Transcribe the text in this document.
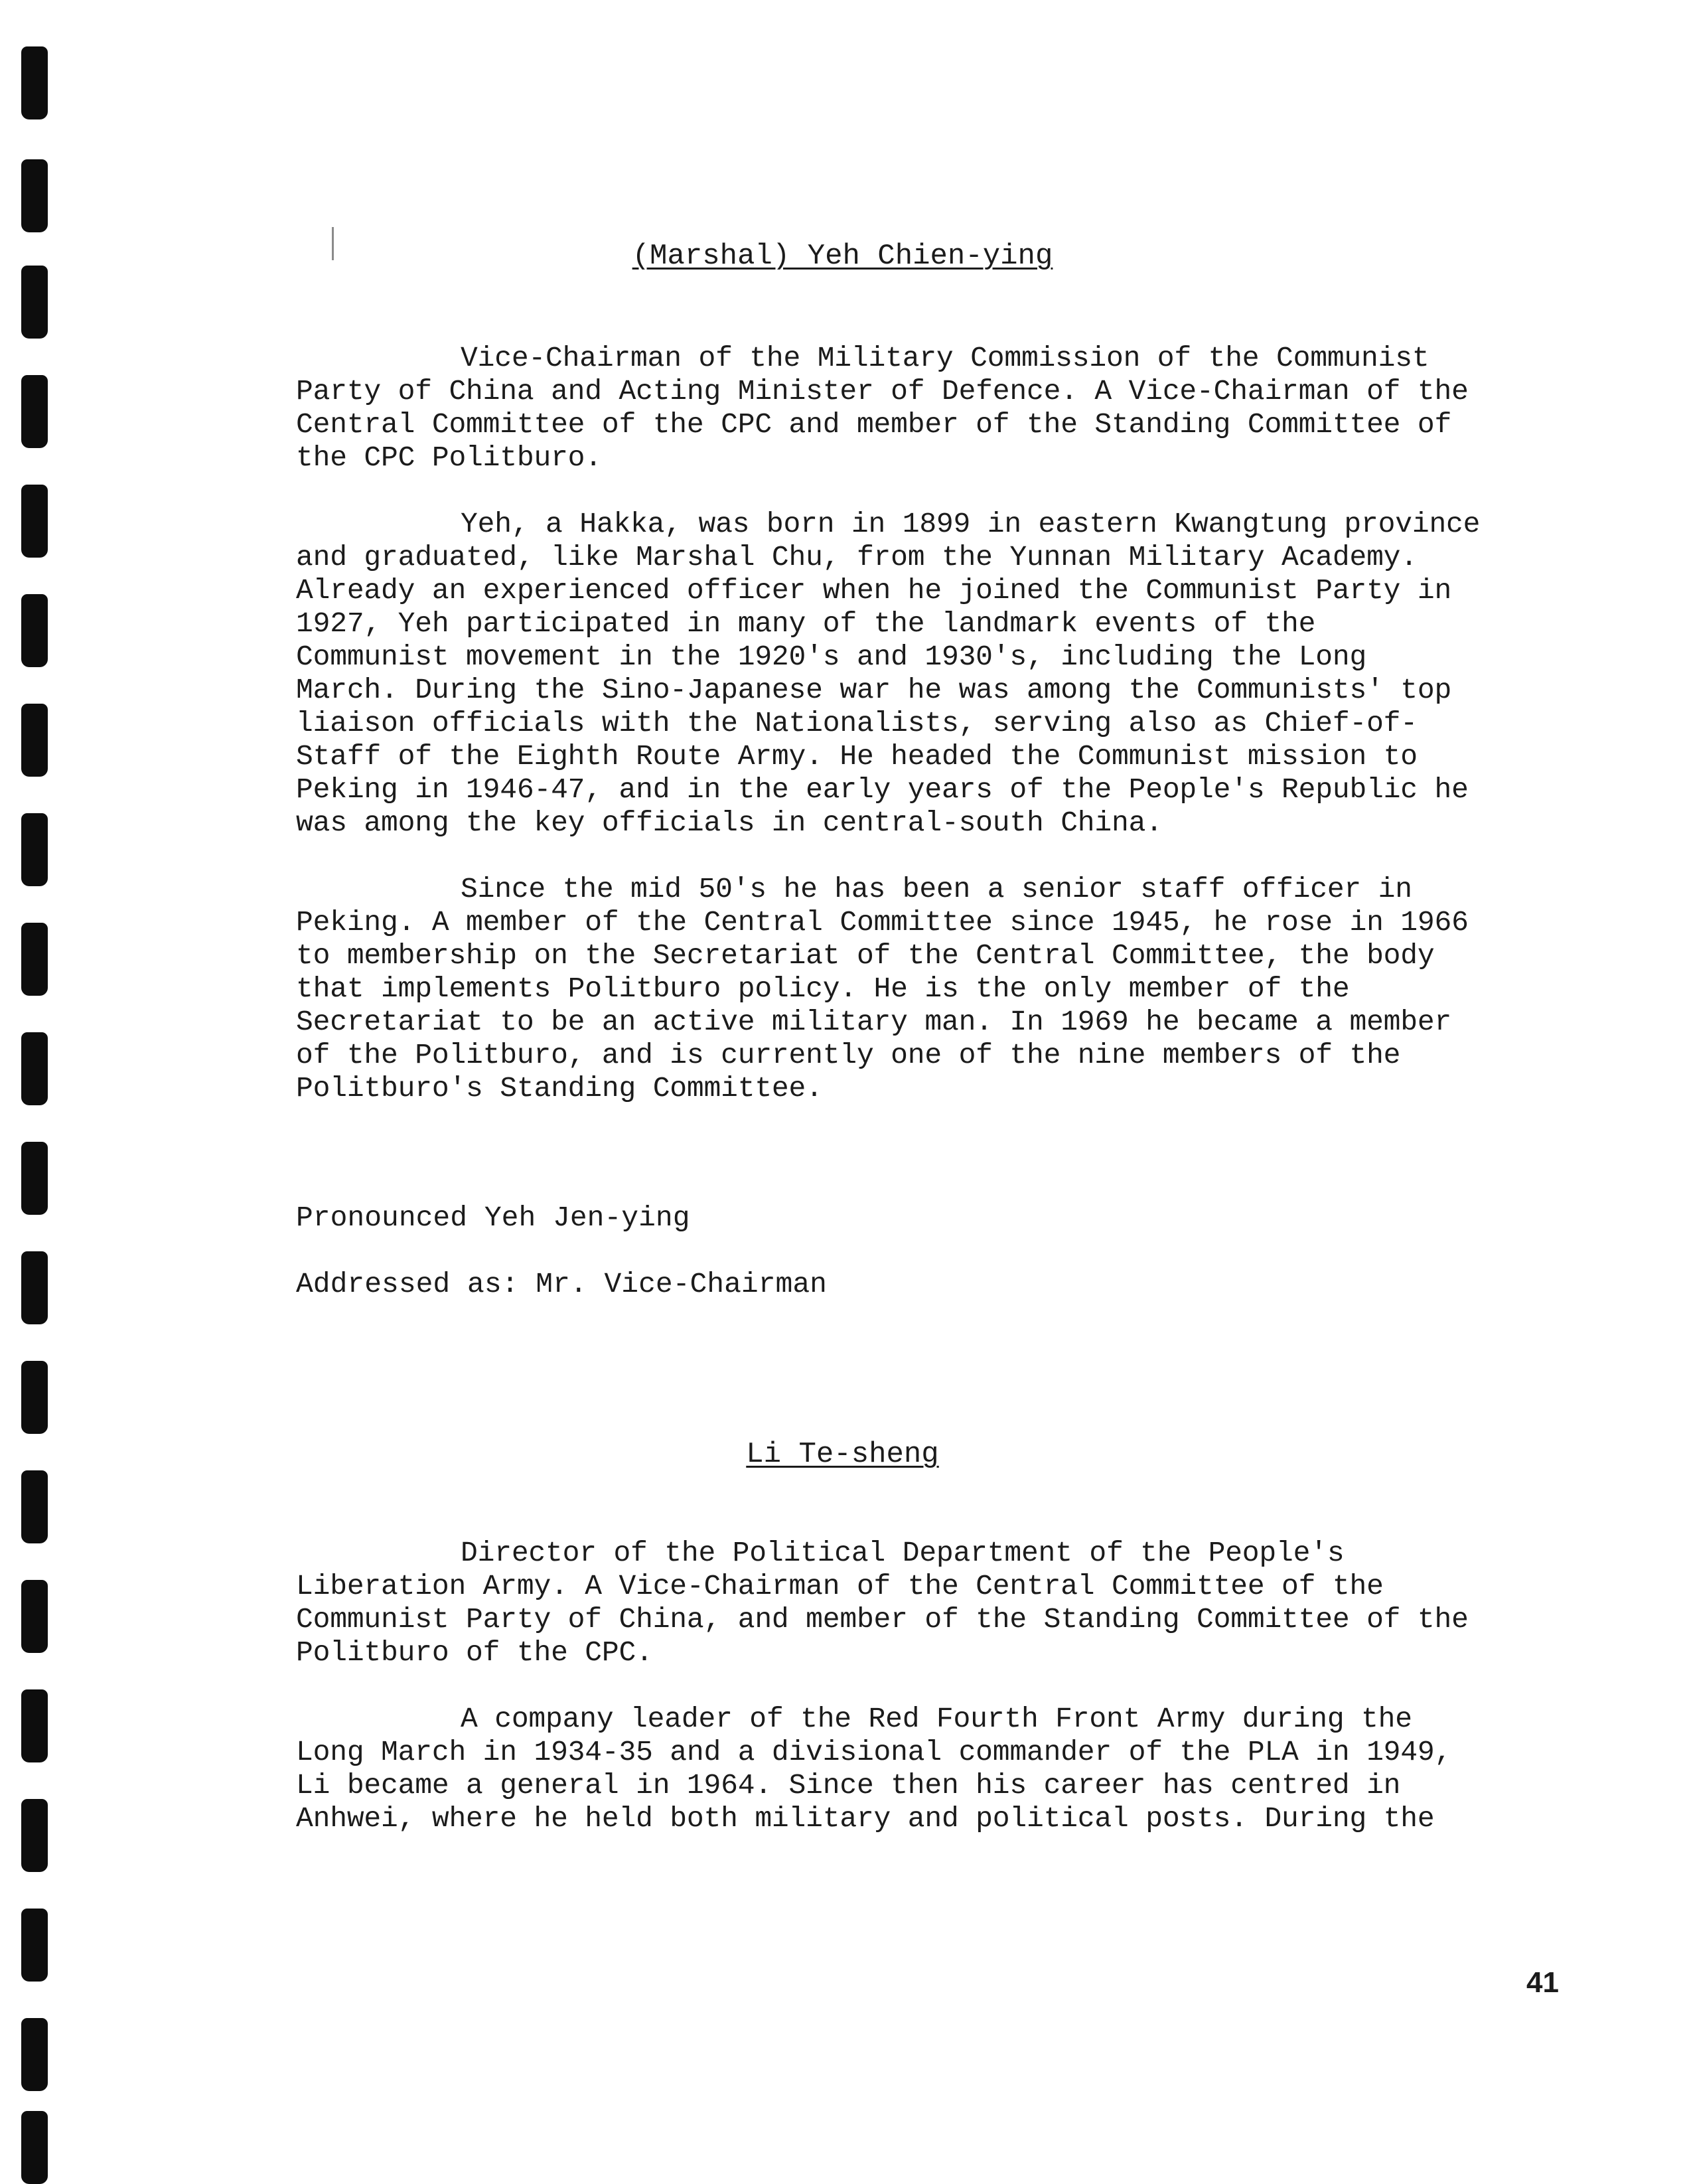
(Marshal) Yeh Chien-ying

Vice-Chairman of the Military Commission of the Communist Party of China and Acting Minister of Defence. A Vice-Chairman of the Central Committee of the CPC and member of the Standing Committee of the CPC Politburo.

Yeh, a Hakka, was born in 1899 in eastern Kwangtung province and graduated, like Marshal Chu, from the Yunnan Military Academy. Already an experienced officer when he joined the Communist Party in 1927, Yeh participated in many of the landmark events of the Communist movement in the 1920's and 1930's, including the Long March. During the Sino-Japanese war he was among the Communists' top liaison officials with the Nationalists, serving also as Chief-of-Staff of the Eighth Route Army. He headed the Communist mission to Peking in 1946-47, and in the early years of the People's Republic he was among the key officials in central-south China.

Since the mid 50's he has been a senior staff officer in Peking. A member of the Central Committee since 1945, he rose in 1966 to membership on the Secretariat of the Central Committee, the body that implements Politburo policy. He is the only member of the Secretariat to be an active military man. In 1969 he became a member of the Politburo, and is currently one of the nine members of the Politburo's Standing Committee.

Pronounced Yeh Jen-ying

Addressed as: Mr. Vice-Chairman

Li Te-sheng

Director of the Political Department of the People's Liberation Army. A Vice-Chairman of the Central Committee of the Communist Party of China, and member of the Standing Committee of the Politburo of the CPC.

A company leader of the Red Fourth Front Army during the Long March in 1934-35 and a divisional commander of the PLA in 1949, Li became a general in 1964. Since then his career has centred in Anhwei, where he held both military and political posts. During the

41
